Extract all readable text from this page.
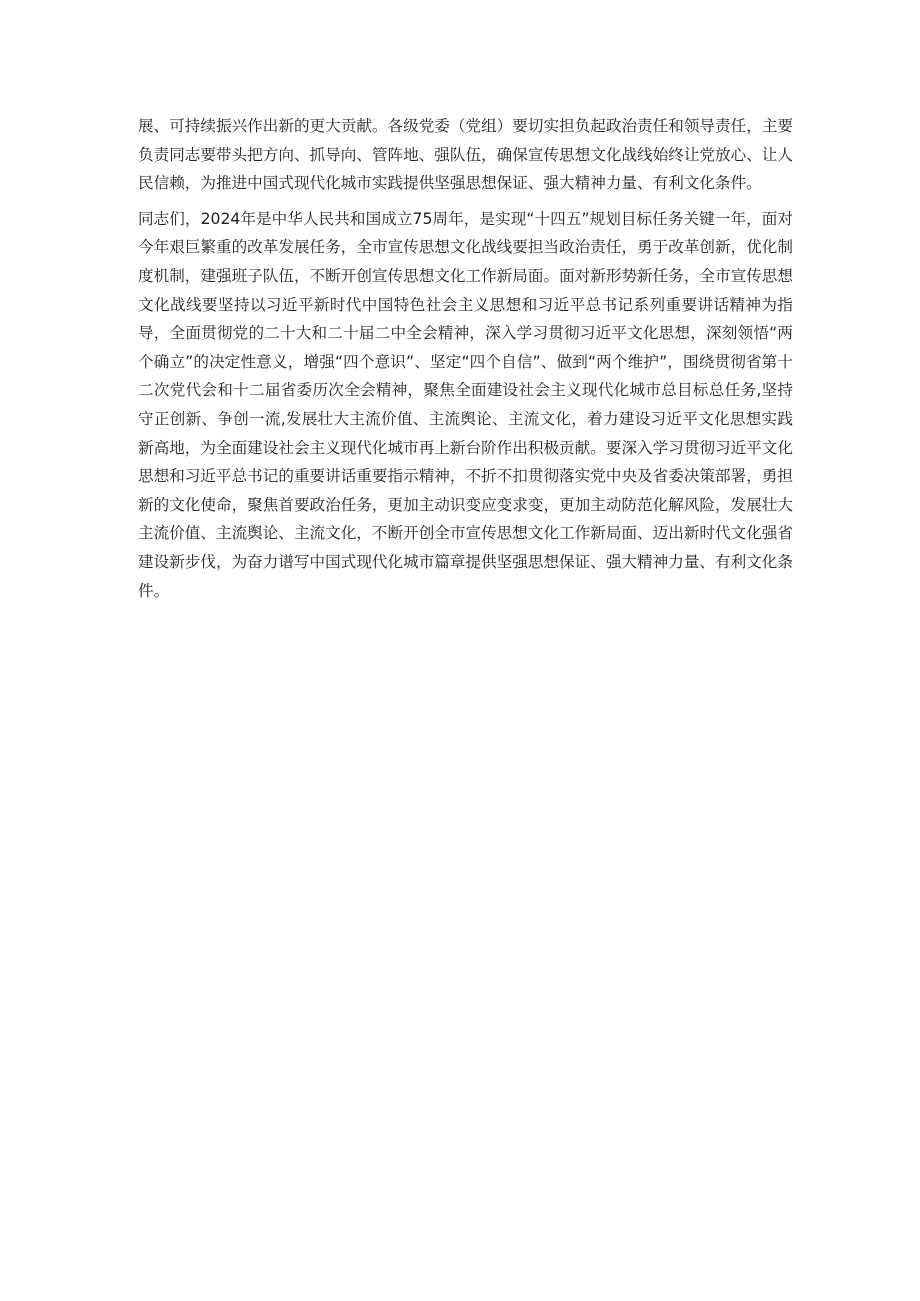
展、可持续振兴作出新的更大贡献。各级党委（党组）要切实担负起政治责任和领导责任，主要负责同志要带头把方向、抓导向、管阵地、强队伍，确保宣传思想文化战线始终让党放心、让人民信赖，为推进中国式现代化城市实践提供坚强思想保证、强大精神力量、有利文化条件。

同志们，2024年是中华人民共和国成立75周年，是实现“十四五”规划目标任务关键一年，面对今年艰巨繁重的改革发展任务，全市宣传思想文化战线要担当政治责任，勇于改革创新，优化制度机制，建强班子队伍，不断开创宣传思想文化工作新局面。面对新形势新任务，全市宣传思想文化战线要坚持以习近平新时代中国特色社会主义思想和习近平总书记系列重要讲话精神为指导，全面贯彻党的二十大和二十届二中全会精神，深入学习贯彻习近平文化思想，深刻领悟“两个确立”的决定性意义，增强“四个意识”、坚定“四个自信”、做到“两个维护”，围绕贯彻省第十二次党代会和十二届省委历次全会精神，聚焦全面建设社会主义现代化城市总目标总任务,坚持守正创新、争创一流,发展壮大主流价值、主流舆论、主流文化，着力建设习近平文化思想实践新高地，为全面建设社会主义现代化城市再上新台阶作出积极贡献。要深入学习贯彻习近平文化思想和习近平总书记的重要讲话重要指示精神，不折不扣贯彻落实党中央及省委决策部署，勇担新的文化使命，聚焦首要政治任务，更加主动识变应变求变，更加主动防范化解风险，发展壮大主流价值、主流舆论、主流文化，不断开创全市宣传思想文化工作新局面、迈出新时代文化强省建设新步伐，为奋力谱写中国式现代化城市篇章提供坚强思想保证、强大精神力量、有利文化条件。
